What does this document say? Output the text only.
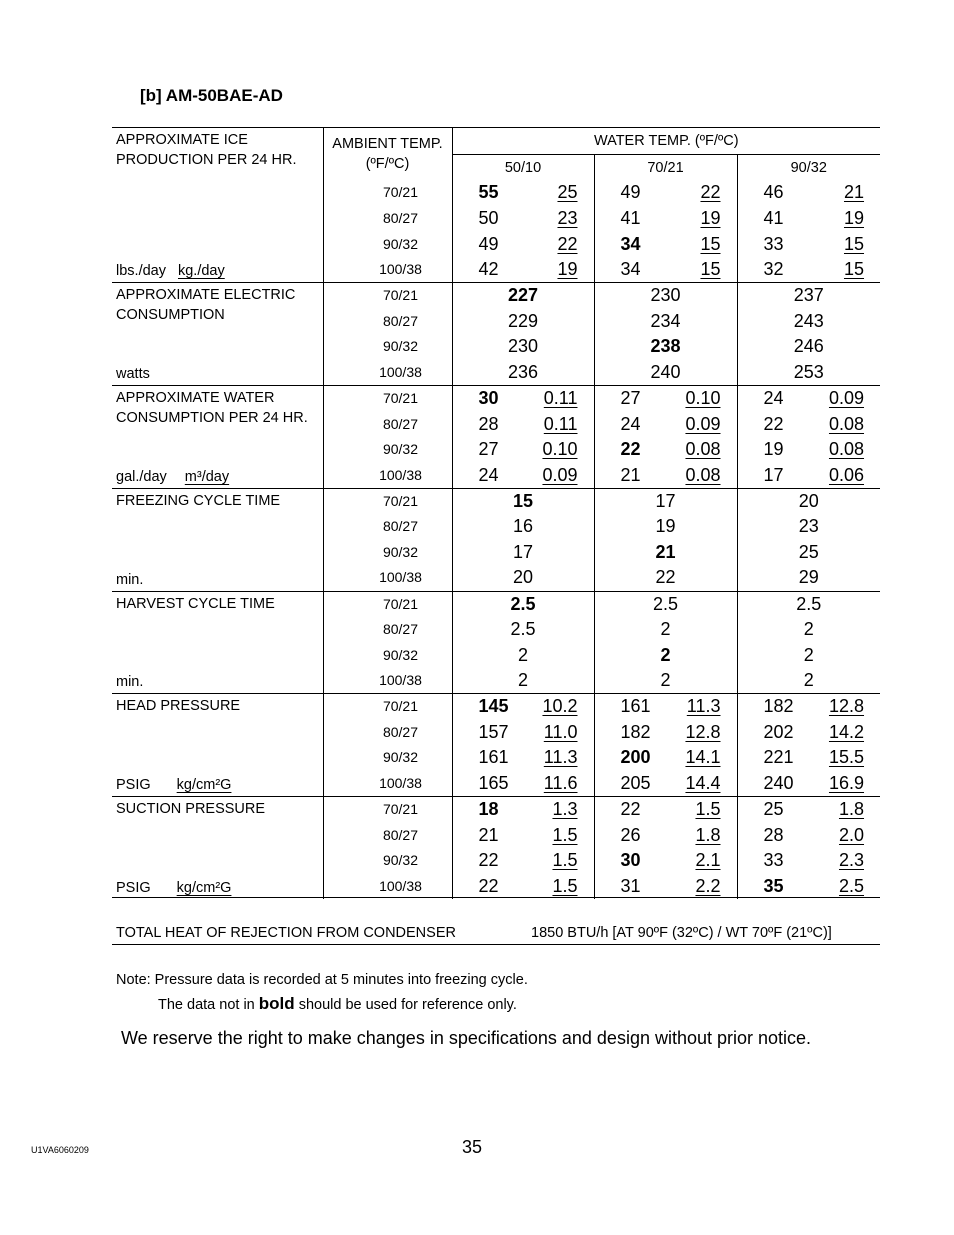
[b] AM-50BAE-AD
APPROXIMATE ICE PRODUCTION PER 24 HR.	AMBIENT TEMP.
(ºF/ºC)	WATER TEMP. (ºF/ºC)		
		50/10	70/21	90/32

lbs./day kg./day	70/21	55 25	49 22	46 21

	80/27	50 23	41 19	41 19

	90/32	49 22	34 15	33 15

	100/38	42 19	34 15	32 15

APPROXIMATE ELECTRIC CONSUMPTION
watts	70/21	227	230	237

	80/27	229	234	243

	90/32	230	238	246

	100/38	236	240	253

APPROXIMATE WATER CONSUMPTION PER 24 HR.
gal./day m³/day	70/21	30 0.11	27 0.10	24 0.09

	80/27	28 0.11	24 0.09	22 0.08

	90/32	27 0.10	22 0.08	19 0.08

	100/38	24 0.09	21 0.08	17 0.06

FREEZING CYCLE TIME
min.	70/21	15	17	20

	80/27	16	19	23

	90/32	17	21	25

	100/38	20	22	29

HARVEST CYCLE TIME
min.	70/21	2.5	2.5	2.5

	80/27	2.5	2	2

	90/32	2	2	2

	100/38	2	2	2

HEAD PRESSURE
PSIG kg/cm²G	70/21	145 10.2	161 11.3	182 12.8

	80/27	157 11.0	182 12.8	202 14.2

	90/32	161 11.3	200 14.1	221 15.5

	100/38	165 11.6	205 14.4	240 16.9

SUCTION PRESSURE
PSIG kg/cm²G	70/21	18 1.3	22 1.5	25 1.8

	80/27	21 1.5	26 1.8	28 2.0

	90/32	22 1.5	30 2.1	33 2.3

	100/38	22 1.5	31 2.2	35 2.5
TOTAL HEAT OF REJECTION FROM CONDENSER	1850 BTU/h [AT 90ºF (32ºC) / WT 70ºF (21ºC)]
Note: Pressure data is recorded at 5 minutes into freezing cycle.
The data not in bold should be used for reference only.
We reserve the right to make changes in specifications and design without prior notice.
U1VA6060209	35
